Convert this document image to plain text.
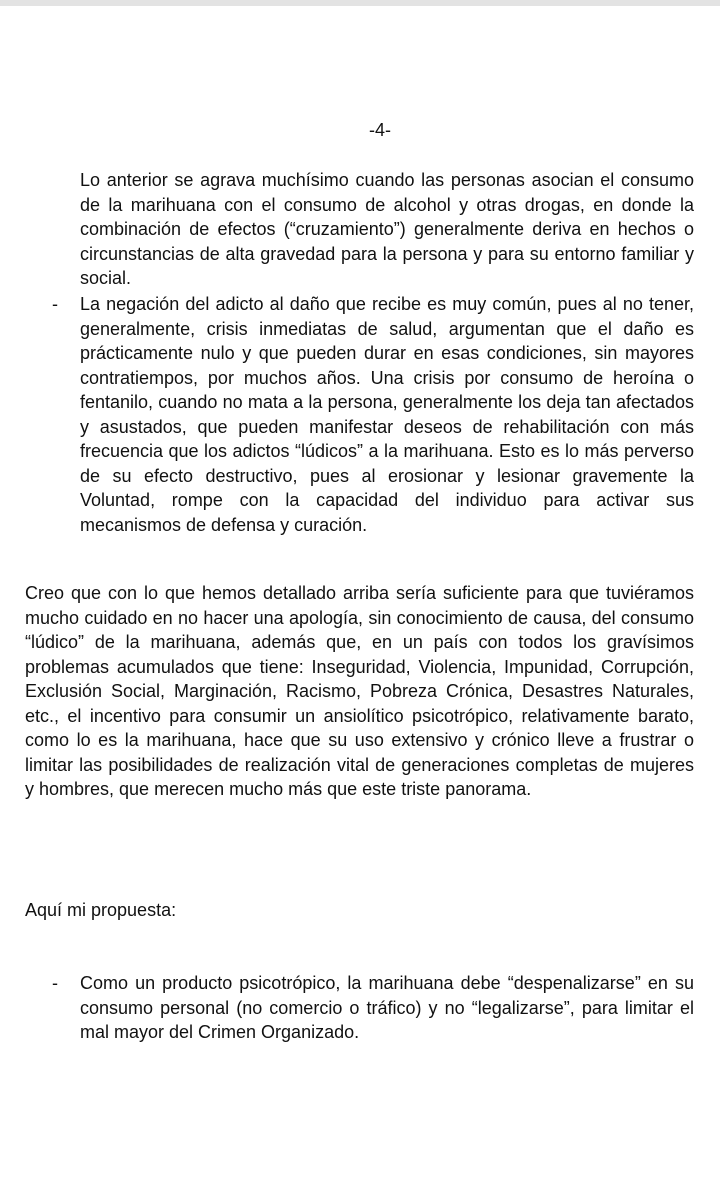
-4-

Lo anterior se agrava muchísimo cuando las personas asocian el consumo de la marihuana con el consumo de alcohol y otras drogas, en donde la combinación de efectos (“cruzamiento”) generalmente deriva en hechos o circunstancias de alta gravedad para la persona y para su entorno familiar y social.

- La negación del adicto al daño que recibe es muy común, pues al no tener, generalmente, crisis inmediatas de salud, argumentan que el daño es prácticamente nulo y que pueden durar en esas condiciones, sin mayores contratiempos, por muchos años. Una crisis por consumo de heroína o fentanilo, cuando no mata a la persona, generalmente los deja tan afectados y asustados, que pueden manifestar deseos de rehabilitación con más frecuencia que los adictos “lúdicos” a la marihuana. Esto es lo más perverso de su efecto destructivo, pues al erosionar y lesionar gravemente la Voluntad, rompe con la capacidad del individuo para activar sus mecanismos de defensa y curación.

Creo que con lo que hemos detallado arriba sería suficiente para que tuviéramos mucho cuidado en no hacer una apología, sin conocimiento de causa, del consumo “lúdico” de la marihuana, además que, en un país con todos los gravísimos problemas acumulados que tiene: Inseguridad, Violencia, Impunidad, Corrupción, Exclusión Social, Marginación, Racismo, Pobreza Crónica, Desastres Naturales, etc., el incentivo para consumir un ansiolítico psicotrópico, relativamente barato, como lo es la marihuana, hace que su uso extensivo y crónico lleve a frustrar o limitar las posibilidades de realización vital de generaciones completas de mujeres y hombres, que merecen mucho más que este triste panorama.

Aquí mi propuesta:
- Como un producto psicotrópico, la marihuana debe “despenalizarse” en su consumo personal (no comercio o tráfico) y no “legalizarse”, para limitar el mal mayor del Crimen Organizado.
